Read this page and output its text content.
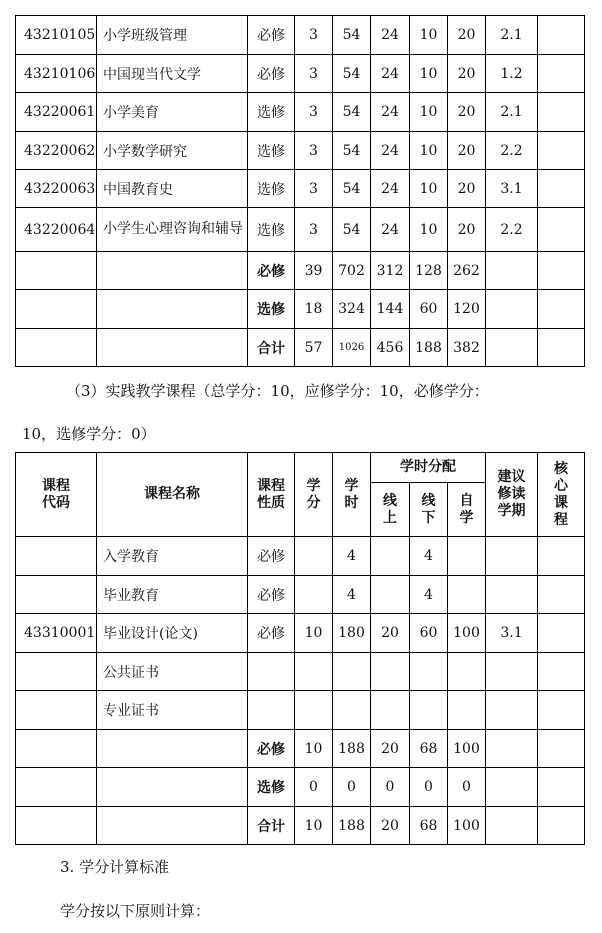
43210105	小学班级管理	必修	3	54	24	10	20	2.1	
43210106	中国现当代文学	必修	3	54	24	10	20	1.2	
43220061	小学美育	选修	3	54	24	10	20	2.1	
43220062	小学数学研究	选修	3	54	24	10	20	2.2	
43220063	中国教育史	选修	3	54	24	10	20	3.1	
43220064	小学生心理咨询和辅导	选修	3	54	24	10	20	2.2	
		必修	39	702	312	128	262		
		选修	18	324	144	60	120		
		合计	57	1026	456	188	382		
（3）实践教学课程（总学分：10，应修学分：10，必修学分：
10，选修学分：0）
课程代码	课程名称	课程性质	学分	学时	学时分配			建议修读学期	核心课程
					线上	线下	自学		
	入学教育	必修		4		4			
	毕业教育	必修		4		4			
43310001	毕业设计(论文)	必修	10	180	20	60	100	3.1	
	公共证书								
	专业证书								
		必修	10	188	20	68	100		
		选修	0	0	0	0	0		
		合计	10	188	20	68	100		
3. 学分计算标准
学分按以下原则计算：
